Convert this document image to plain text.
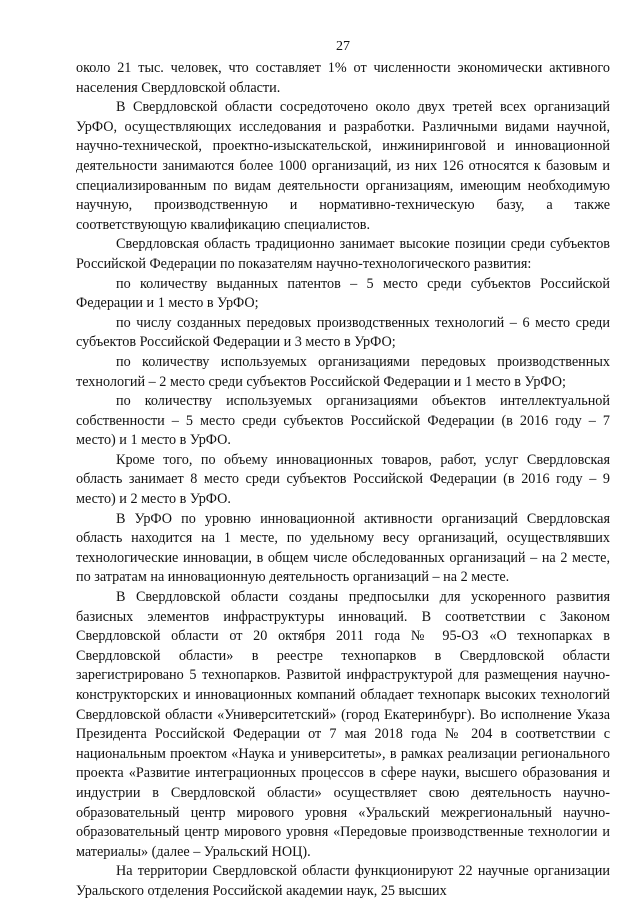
27

около 21 тыс. человек, что составляет 1% от численности экономически активного населения Свердловской области.

В Свердловской области сосредоточено около двух третей всех организаций УрФО, осуществляющих исследования и разработки. Различными видами научной, научно-технической, проектно-изыскательской, инжиниринговой и инновационной деятельности занимаются более 1000 организаций, из них 126 относятся к базовым и специализированным по видам деятельности организациям, имеющим необходимую научную, производственную и нормативно-техническую базу, а также соответствующую квалификацию специалистов.

Свердловская область традиционно занимает высокие позиции среди субъектов Российской Федерации по показателям научно-технологического развития:

по количеству выданных патентов – 5 место среди субъектов Российской Федерации и 1 место в УрФО;

по числу созданных передовых производственных технологий – 6 место среди субъектов Российской Федерации и 3 место в УрФО;

по количеству используемых организациями передовых производственных технологий – 2 место среди субъектов Российской Федерации и 1 место в УрФО;

по количеству используемых организациями объектов интеллектуальной собственности – 5 место среди субъектов Российской Федерации (в 2016 году – 7 место) и 1 место в УрФО.

Кроме того, по объему инновационных товаров, работ, услуг Свердловская область занимает 8 место среди субъектов Российской Федерации (в 2016 году – 9 место) и 2 место в УрФО.

В УрФО по уровню инновационной активности организаций Свердловская область находится на 1 месте, по удельному весу организаций, осуществлявших технологические инновации, в общем числе обследованных организаций – на 2 месте, по затратам на инновационную деятельность организаций – на 2 месте.

В Свердловской области созданы предпосылки для ускоренного развития базисных элементов инфраструктуры инноваций. В соответствии с Законом Свердловской области от 20 октября 2011 года № 95-ОЗ «О технопарках в Свердловской области» в реестре технопарков в Свердловской области зарегистрировано 5 технопарков. Развитой инфраструктурой для размещения научно-конструкторских и инновационных компаний обладает технопарк высоких технологий Свердловской области «Университетский» (город Екатеринбург). Во исполнение Указа Президента Российской Федерации от 7 мая 2018 года № 204 в соответствии с национальным проектом «Наука и университеты», в рамках реализации регионального проекта «Развитие интеграционных процессов в сфере науки, высшего образования и индустрии в Свердловской области» осуществляет свою деятельность научно-образовательный центр мирового уровня «Уральский межрегиональный научно-образовательный центр мирового уровня «Передовые производственные технологии и материалы» (далее – Уральский НОЦ).

На территории Свердловской области функционируют 22 научные организации Уральского отделения Российской академии наук, 25 высших
